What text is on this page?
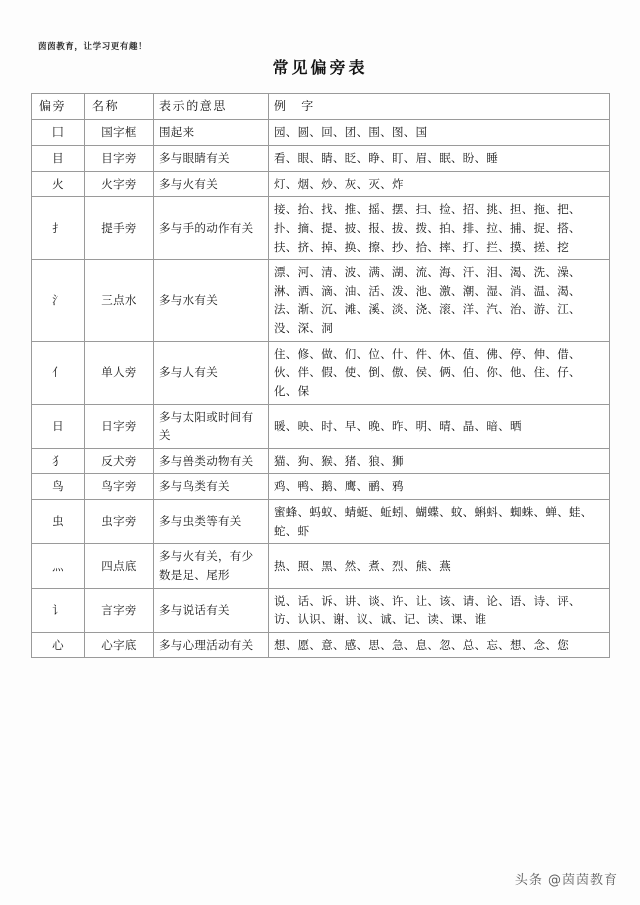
茵茵教育，让学习更有趣！
常见偏旁表
偏旁	名称	表示的意思	例　字
囗	国字框	围起来	园、圆、回、团、围、图、国
目	目字旁	多与眼睛有关	看、眼、睛、眨、睁、盯、眉、眠、盼、睡
火	火字旁	多与火有关	灯、烟、炒、灰、灭、炸
扌	提手旁	多与手的动作有关	接、抬、找、推、摇、摆、扫、捡、招、挑、担、拖、把、扑、摘、提、披、报、拔、拨、拍、排、拉、捕、捉、搭、扶、挤、掉、换、擦、抄、拾、摔、打、拦、摸、搓、挖
氵	三点水	多与水有关	漂、河、清、波、满、湖、流、海、汗、泪、渴、洗、澡、淋、洒、滴、油、活、泼、池、激、潮、湿、消、温、渴、法、渐、沉、滩、溪、淡、浇、滚、洋、汽、治、游、江、没、深、洞
亻	单人旁	多与人有关	住、修、做、们、位、什、件、休、值、佛、停、伸、借、伙、伴、假、使、倒、傲、侯、俩、伯、你、他、住、仔、化、保
日	日字旁	多与太阳或时间有关	暖、映、时、早、晚、昨、明、晴、晶、暗、晒
犭	反犬旁	多与兽类动物有关	猫、狗、猴、猪、狼、狮
鸟	鸟字旁	多与鸟类有关	鸡、鸭、鹅、鹰、鹂、鸦
虫	虫字旁	多与虫类等有关	蜜蜂、蚂蚁、蜻蜓、蚯蚓、蝴蝶、蚊、蝌蚪、蜘蛛、蝉、蛙、蛇、虾
灬	四点底	多与火有关，有少数是足、尾形	热、照、黑、然、煮、烈、熊、燕
讠	言字旁	多与说话有关	说、话、诉、讲、谈、许、让、该、请、论、语、诗、评、访、认识、谢、议、诚、记、读、课、谁
心	心字底	多与心理活动有关	想、愿、意、感、思、急、息、忽、总、忘、想、念、您
头条 @茵茵教育
